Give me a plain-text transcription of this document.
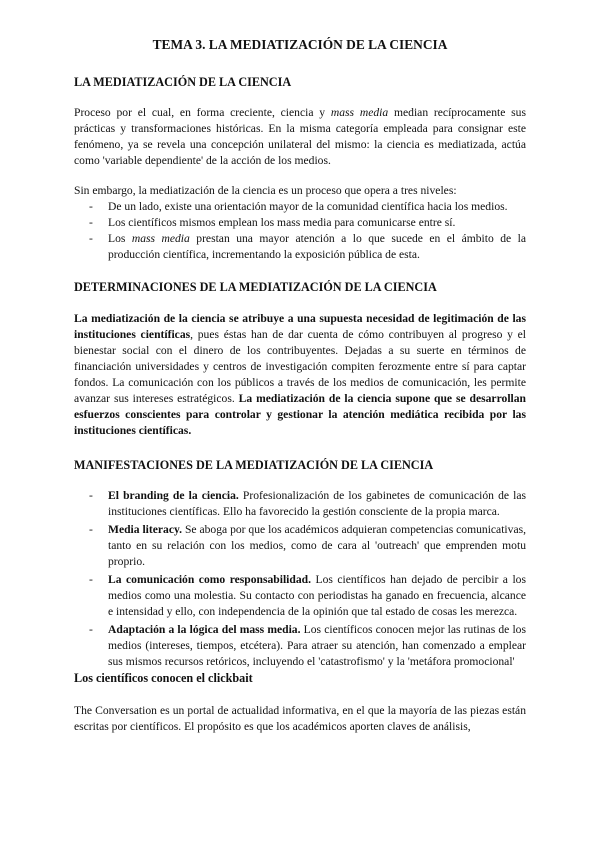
TEMA 3. LA MEDIATIZACIÓN DE LA CIENCIA
LA MEDIATIZACIÓN DE LA CIENCIA

Proceso por el cual, en forma creciente, ciencia y mass media median recíprocamente sus prácticas y transformaciones históricas. En la misma categoría empleada para consignar este fenómeno, ya se revela una concepción unilateral del mismo: la ciencia es mediatizada, actúa como 'variable dependiente' de la acción de los medios.

Sin embargo, la mediatización de la ciencia es un proceso que opera a tres niveles:

- De un lado, existe una orientación mayor de la comunidad científica hacia los medios.
- Los científicos mismos emplean los mass media para comunicarse entre sí.
- Los mass media prestan una mayor atención a lo que sucede en el ámbito de la producción científica, incrementando la exposición pública de esta.
DETERMINACIONES DE LA MEDIATIZACIÓN DE LA CIENCIA

La mediatización de la ciencia se atribuye a una supuesta necesidad de legitimación de las instituciones científicas, pues éstas han de dar cuenta de cómo contribuyen al progreso y el bienestar social con el dinero de los contribuyentes. Dejadas a su suerte en términos de financiación universidades y centros de investigación compiten ferozmente entre sí para captar fondos. La comunicación con los públicos a través de los medios de comunicación, les permite avanzar sus intereses estratégicos. La mediatización de la ciencia supone que se desarrollan esfuerzos conscientes para controlar y gestionar la atención mediática recibida por las instituciones científicas.

MANIFESTACIONES DE LA MEDIATIZACIÓN DE LA CIENCIA
- El branding de la ciencia. Profesionalización de los gabinetes de comunicación de las instituciones científicas. Ello ha favorecido la gestión consciente de la propia marca.
- Media literacy. Se aboga por que los académicos adquieran competencias comunicativas, tanto en su relación con los medios, como de cara al 'outreach' que emprenden motu proprio.
- La comunicación como responsabilidad. Los científicos han dejado de percibir a los medios como una molestia. Su contacto con periodistas ha ganado en frecuencia, alcance e intensidad y ello, con independencia de la opinión que tal estado de cosas les merezca.
- Adaptación a la lógica del mass media. Los científicos conocen mejor las rutinas de los medios (intereses, tiempos, etcétera). Para atraer su atención, han comenzado a emplear sus mismos recursos retóricos, incluyendo el 'catastrofismo' y la 'metáfora promocional'
Los científicos conocen el clickbait

The Conversation es un portal de actualidad informativa, en el que la mayoría de las piezas están escritas por científicos. El propósito es que los académicos aporten claves de análisis,
